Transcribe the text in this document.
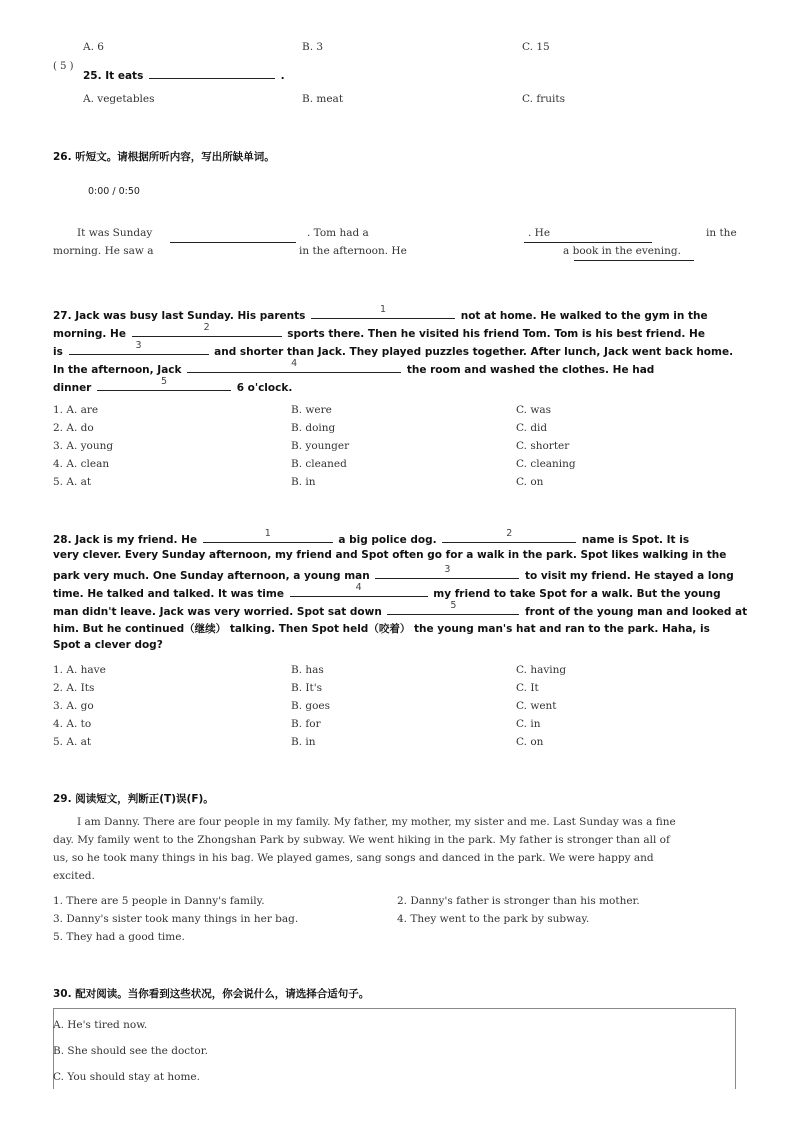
A. 6	B. 3	C. 15
( 5 )
25. It eats	.
A. vegetables	B. meat	C. fruits
26. 听短文。请根据所听内容，写出所缺单词。
0:00 / 0:50
It was Sunday
	. Tom had a
	. He
	in the
morning. He saw a
	in the afternoon. He	a book in the evening.
27. Jack was busy last Sunday. His parents
1
not at home. He walked to the gym in the
morning. He
2
sports there. Then he visited his friend Tom. Tom is his best friend. He
is
3
and shorter than Jack. They played puzzles together. After lunch, Jack went back home.
In the afternoon, Jack
4
the room and washed the clothes. He had
dinner
5
6 o'clock.
1. A. are	B. were	C. was
2. A. do	B. doing	C. did
3. A. young	B. younger	C. shorter
4. A. clean	B. cleaned	C. cleaning
5. A. at	B. in	C. on
28. Jack is my friend. He
1
a big police dog.
2
name is Spot. It is
very clever. Every Sunday afternoon, my friend and Spot often go for a walk in the park. Spot likes walking in the
park very much. One Sunday afternoon, a young man
3
to visit my friend. He stayed a long
time. He talked and talked. It was time
4
my friend to take Spot for a walk. But the young
man didn't leave. Jack was very worried. Spot sat down
5
front of the young man and looked at
him. But he continued（继续） talking. Then Spot held（咬着） the young man's hat and ran to the park. Haha, is
Spot a clever dog?
1. A. have	B. has	C. having
2. A. Its	B. It's	C. It
3. A. go	B. goes	C. went
4. A. to	B. for	C. in
5. A. at	B. in	C. on
29. 阅读短文，判断正(T)误(F)。
I am Danny. There are four people in my family. My father, my mother, my sister and me. Last Sunday was a fine
day. My family went to the Zhongshan Park by subway. We went hiking in the park. My father is stronger than all of
us, so he took many things in his bag. We played games, sang songs and danced in the park. We were happy and
excited.
1. There are 5 people in Danny's family.	2. Danny's father is stronger than his mother.
3. Danny's sister took many things in her bag.	4. They went to the park by subway.
5. They had a good time.
30. 配对阅读。当你看到这些状况，你会说什么，请选择合适句子。
A. He's tired now.
B. She should see the doctor.
C. You should stay at home.
